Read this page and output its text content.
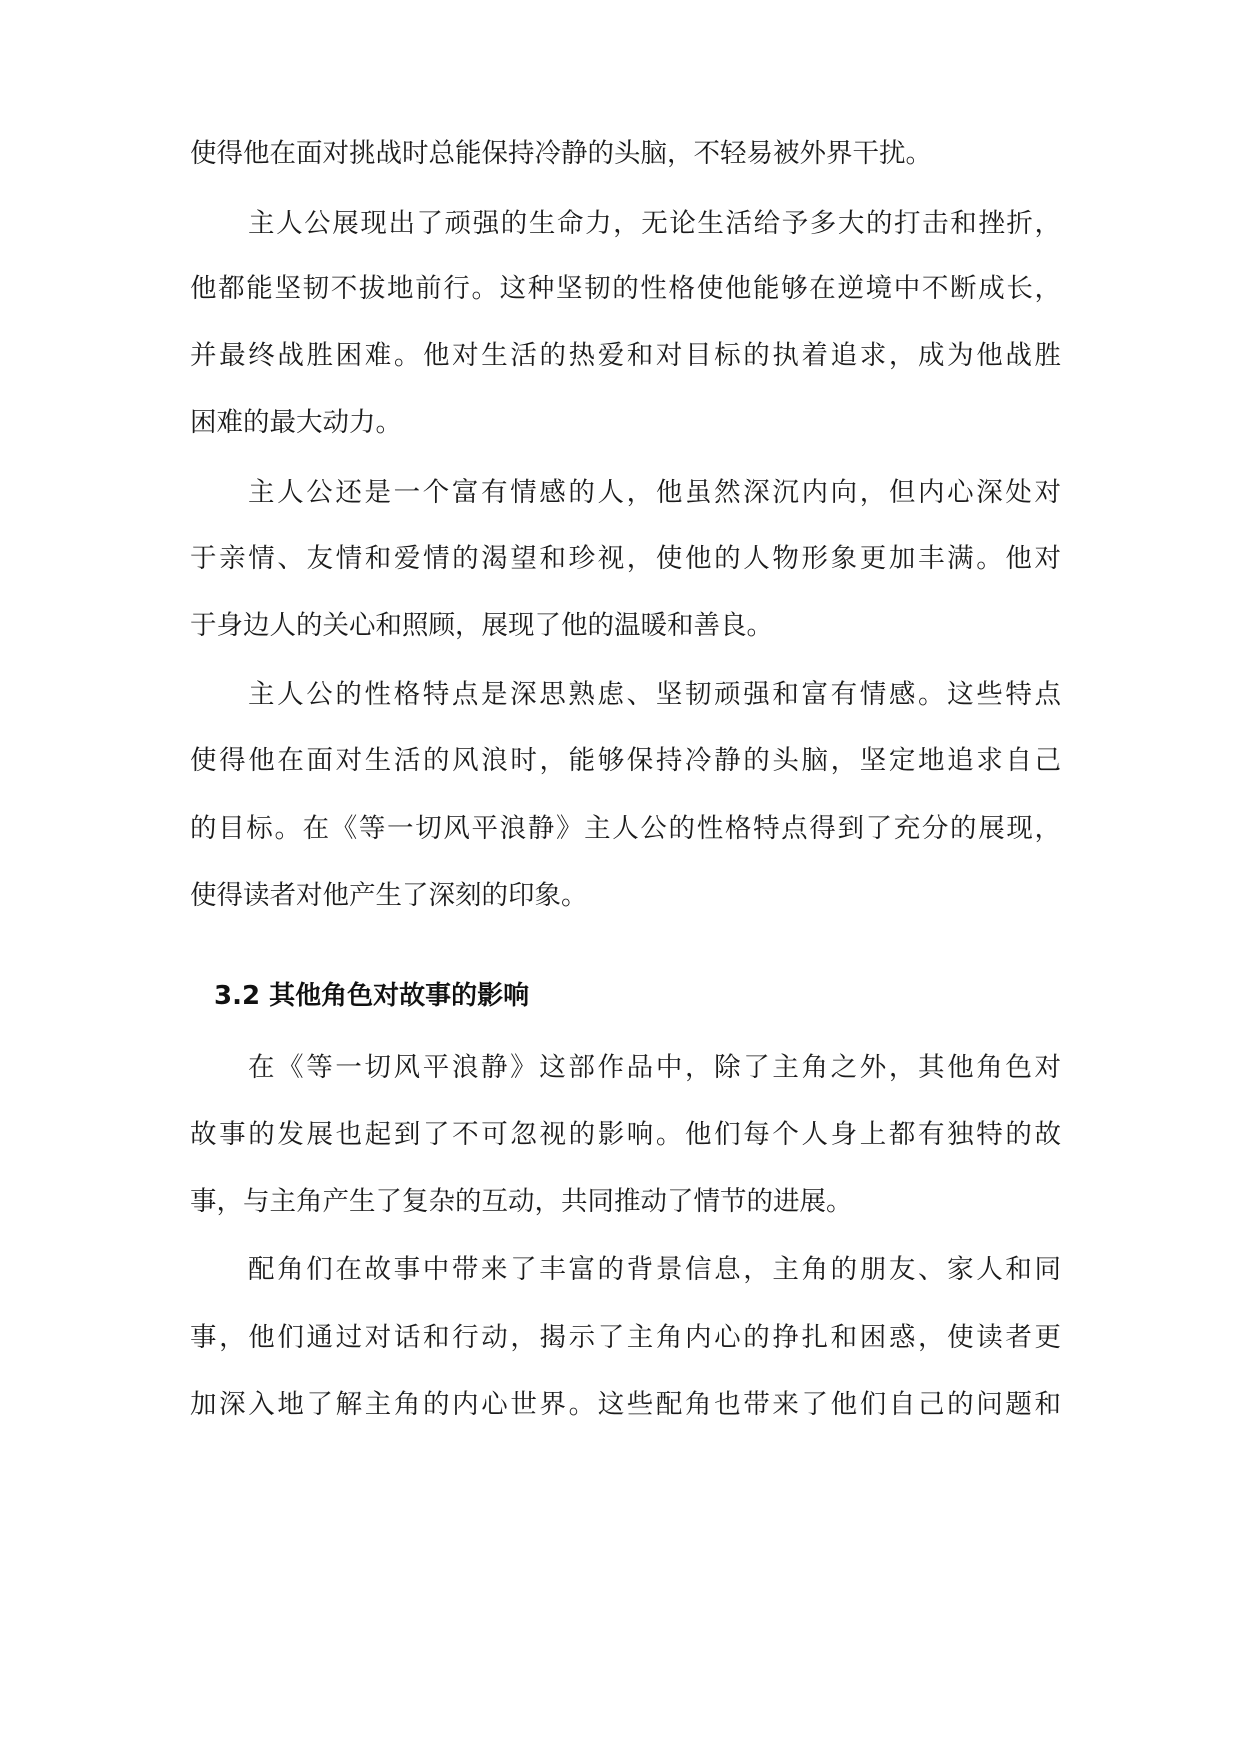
使得他在面对挑战时总能保持冷静的头脑，不轻易被外界干扰。
主人公展现出了顽强的生命力，无论生活给予多大的打击和挫折，
他都能坚韧不拔地前行。这种坚韧的性格使他能够在逆境中不断成长，
并最终战胜困难。他对生活的热爱和对目标的执着追求，成为他战胜
困难的最大动力。
主人公还是一个富有情感的人，他虽然深沉内向，但内心深处对
于亲情、友情和爱情的渴望和珍视，使他的人物形象更加丰满。他对
于身边人的关心和照顾，展现了他的温暖和善良。
主人公的性格特点是深思熟虑、坚韧顽强和富有情感。这些特点
使得他在面对生活的风浪时，能够保持冷静的头脑，坚定地追求自己
的目标。在《等一切风平浪静》主人公的性格特点得到了充分的展现，
使得读者对他产生了深刻的印象。
3.2 其他角色对故事的影响
在《等一切风平浪静》这部作品中，除了主角之外，其他角色对
故事的发展也起到了不可忽视的影响。他们每个人身上都有独特的故
事，与主角产生了复杂的互动，共同推动了情节的进展。
配角们在故事中带来了丰富的背景信息，主角的朋友、家人和同
事，他们通过对话和行动，揭示了主角内心的挣扎和困惑，使读者更
加深入地了解主角的内心世界。这些配角也带来了他们自己的问题和
